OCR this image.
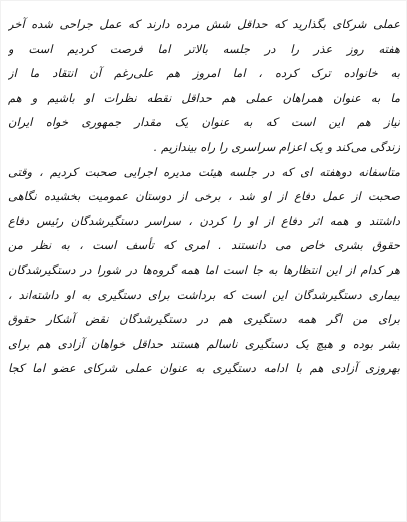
عملی شرکای بگذارید که حداقل شش مرده دارند که عمل جراحی شده آخر
هفته روز عذر را در جلسه بالاتر اما فرصت کردیم است و
به خانواده ترک کرده ، اما امروز هم علی‌رغم آن انتقاد ما از
ما به عنوان همراهان عملی هم حداقل نقطه نظرات او باشیم و هم
نیاز هم این است که به عنوان یک مقدار جمهوری خواه ایران
زندگی می‌کند و یک اعزام سراسری را راه بیندازیم .
متاسفانه دوهفته ای که در جلسه هیئت مدیره اجرایی صحبت کردیم ، وقتی
صحبت از عمل دفاع از او شد ، برخی از دوستان عمومیت بخشیده نگاهی
داشتند و همه اثر دفاع از او را کردن ، سراسر دستگیرشدگان رئیس دفاع
حقوق بشری خاص می دانستند . امری که تأسف است ، به نظر من
هر کدام از این انتظارها به جا است اما همه گروه‌ها در شورا در دستگیرشدگان
بیماری دستگیرشدگان این است که برداشت برای دستگیری به او داشته‌اند ،
برای من اگر همه دستگیری هم در دستگیرشدگان نقض آشکار حقوق
بشر بوده و هیچ یک دستگیری ناسالم هستند حداقل خواهان آزادی هم برای
بهروزی آزادی هم با ادامه دستگیری به عنوان عملی شرکای عضو اما کجا
